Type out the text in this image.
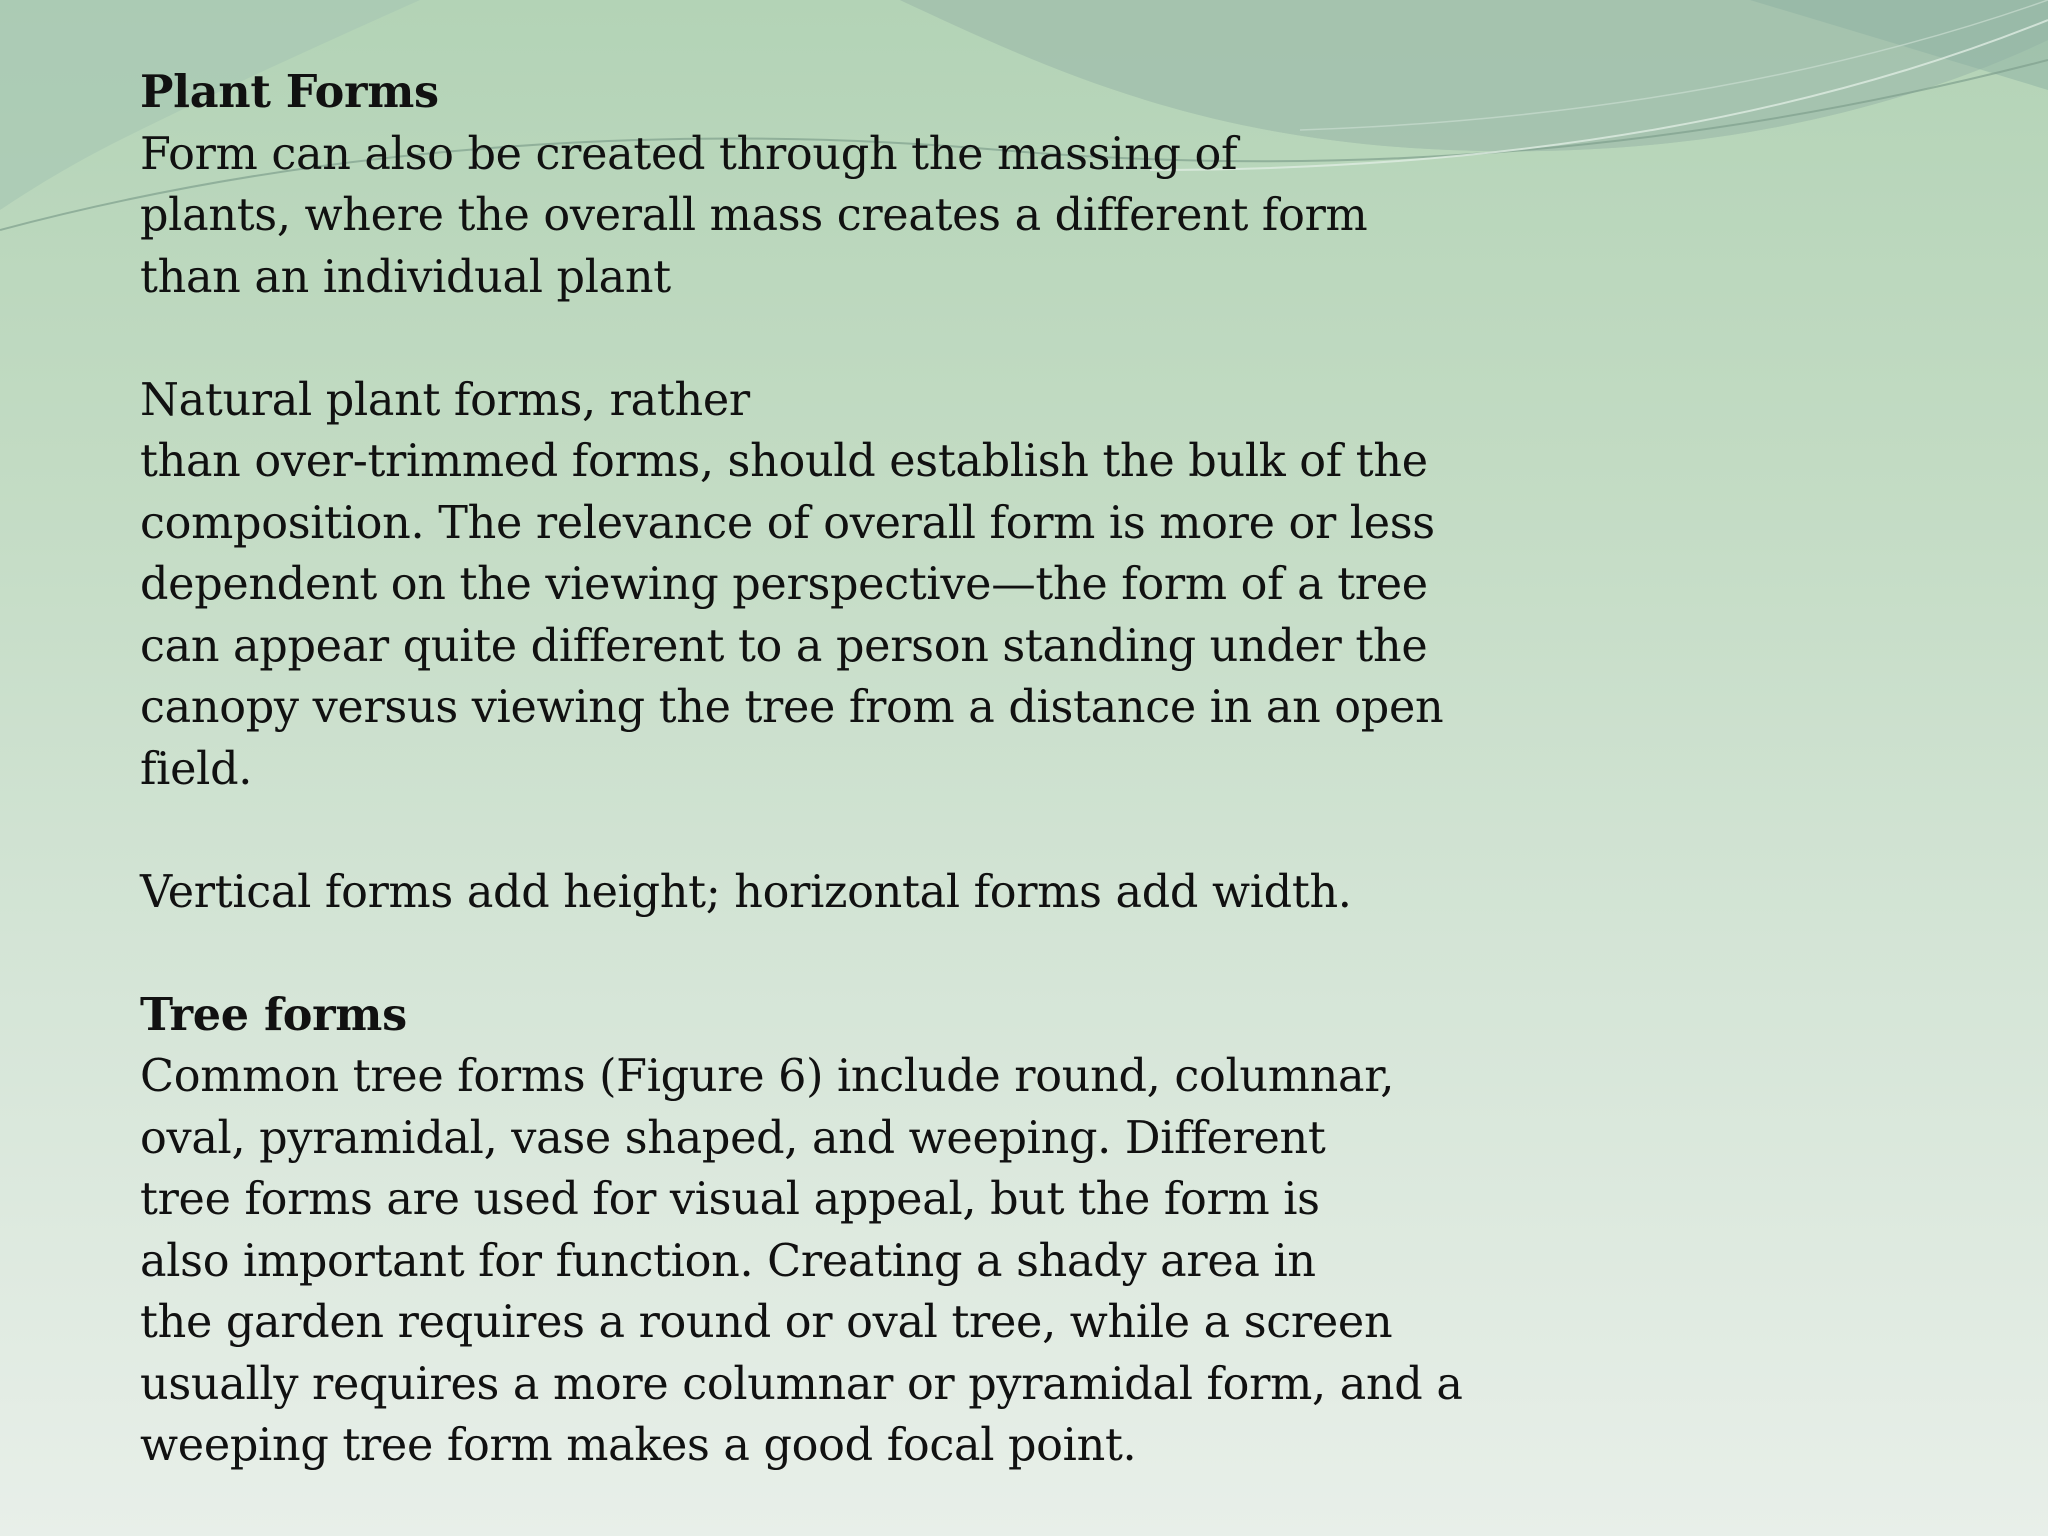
Plant Forms
Form can also be created through the massing of
plants, where the overall mass creates a different form
than an individual plant
Natural plant forms, rather
than over-trimmed forms, should establish the bulk of the
composition. The relevance of overall form is more or less
dependent on the viewing perspective—the form of a tree
can appear quite different to a person standing under the
canopy versus viewing the tree from a distance in an open
field.
Vertical forms add height; horizontal forms add width.
Tree forms
Common tree forms (Figure 6) include round, columnar,
oval, pyramidal, vase shaped, and weeping. Different
tree forms are used for visual appeal, but the form is
also important for function. Creating a shady area in
the garden requires a round or oval tree, while a screen
usually requires a more columnar or pyramidal form, and a
weeping tree form makes a good focal point.
